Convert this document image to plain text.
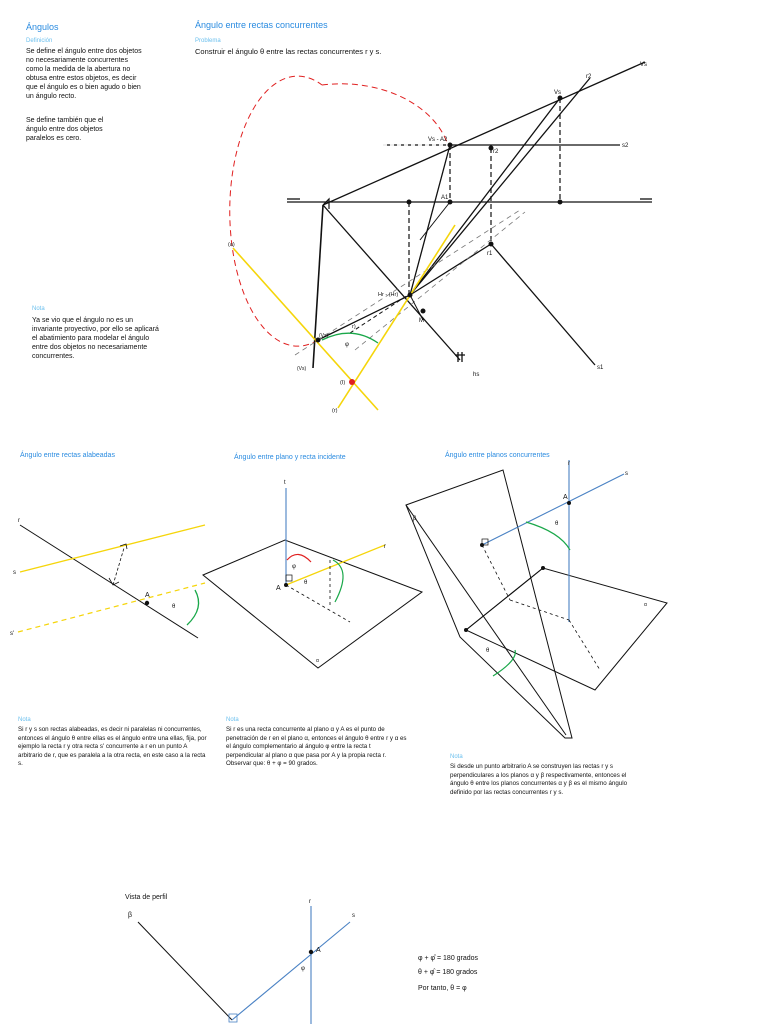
Ángulos
Definición
Se define el ángulo entre dos objetos no necesariamente concurrentes como la medida de la abertura no obtusa entre estos objetos, es decir que el ángulo es o bien agudo o bien un ángulo recto.
Se define también que el ángulo entre dos objetos paralelos es cero.
Nota
Ya se vio que el ángulo no es un invariante proyectivo, por ello se aplicará el abatimiento para modelar el ángulo entre dos objetos no necesariamente concurrentes.
Ángulo entre rectas concurrentes
Problema
Construir el ángulo θ entre las rectas concurrentes r y s.
Vs
r2
Vs
Vs - A2
s2
r2
A1
r1
(a)
Hr - (Hr)
r)
M
s1
(Vs)
φ
(Vs)
(I)
hs
(r)
Ángulo entre rectas alabeadas	Ángulo entre plano y recta incidente	Ángulo entre planos concurrentes
r
s
s'
A
θ
Nota
Si r y s son rectas alabeadas, es decir ni paralelas ni concurrentes, entonces el ángulo θ entre ellas es el ángulo entre una ellas, fija, por ejemplo la recta r y otra recta s' concurrente a r en un punto A arbitrario de r, que es paralela a la otra recta, en este caso a la recta s.
t
r
A
φ
θ
α
Nota
Si r es una recta concurrente al plano α y A es el punto de penetración de r en el plano α, entonces el ángulo θ entre r y α es el ángulo complementario al ángulo φ entre la recta t perpendicular al plano α que pasa por A y la propia recta r. Observar que: θ + φ = 90 grados.
r
s
A
θ
β
α
θ
Nota
Si desde un punto arbitrario A se construyen las rectas r y s perpendiculares a los planos α y β respectivamente, entonces el ángulo θ entre los planos concurrentes α y β es el mismo ángulo definido por las rectas concurrentes r y s.
Vista de perfil
β
r
s
A
φ
φ + φ̂ = 180 grados
θ + φ̂ = 180 grados
Por tanto, θ = φ
